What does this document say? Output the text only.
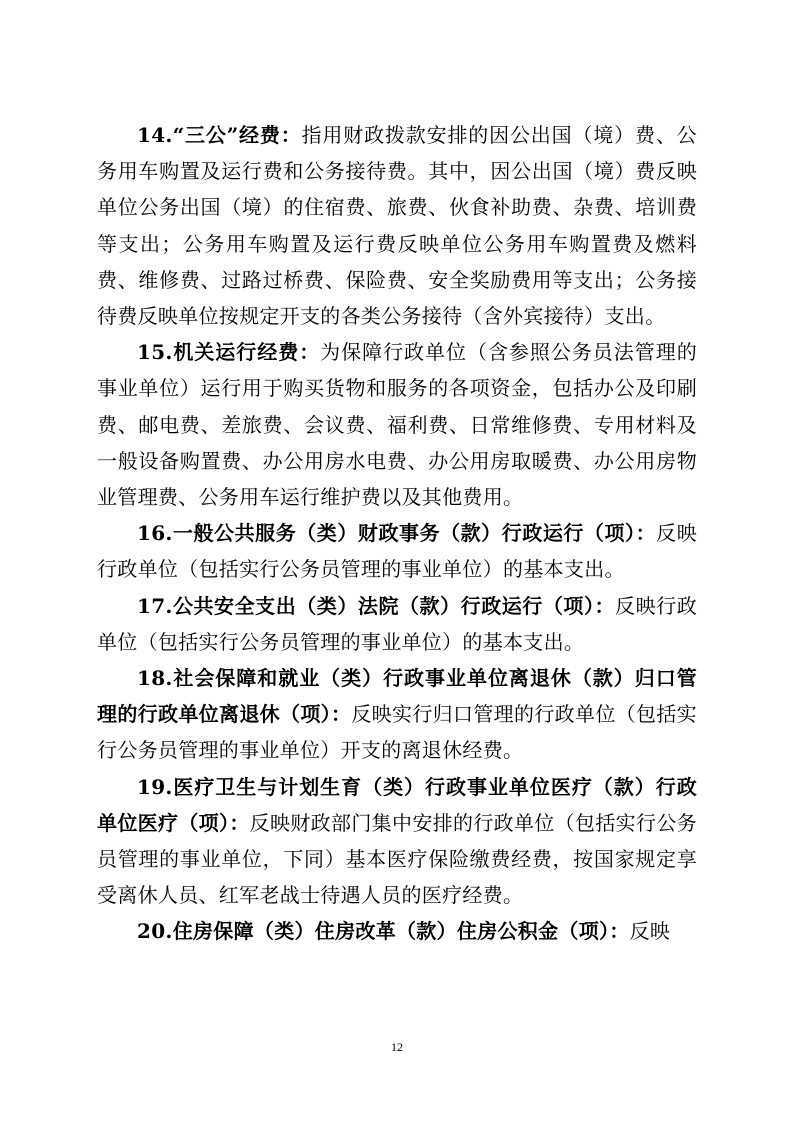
14.“三公”经费：指用财政拨款安排的因公出国（境）费、公务用车购置及运行费和公务接待费。其中，因公出国（境）费反映单位公务出国（境）的住宿费、旅费、伙食补助费、杂费、培训费等支出；公务用车购置及运行费反映单位公务用车购置费及燃料费、维修费、过路过桥费、保险费、安全奖励费用等支出；公务接待费反映单位按规定开支的各类公务接待（含外宾接待）支出。

15.机关运行经费：为保障行政单位（含参照公务员法管理的事业单位）运行用于购买货物和服务的各项资金，包括办公及印刷费、邮电费、差旅费、会议费、福利费、日常维修费、专用材料及一般设备购置费、办公用房水电费、办公用房取暖费、办公用房物业管理费、公务用车运行维护费以及其他费用。

16.一般公共服务（类）财政事务（款）行政运行（项）：反映行政单位（包括实行公务员管理的事业单位）的基本支出。

17.公共安全支出（类）法院（款）行政运行（项）：反映行政单位（包括实行公务员管理的事业单位）的基本支出。

18.社会保障和就业（类）行政事业单位离退休（款）归口管理的行政单位离退休（项）：反映实行归口管理的行政单位（包括实行公务员管理的事业单位）开支的离退休经费。

19.医疗卫生与计划生育（类）行政事业单位医疗（款）行政单位医疗（项）：反映财政部门集中安排的行政单位（包括实行公务员管理的事业单位，下同）基本医疗保险缴费经费，按国家规定享受离休人员、红军老战士待遇人员的医疗经费。

20.住房保障（类）住房改革（款）住房公积金（项）：反映

12
